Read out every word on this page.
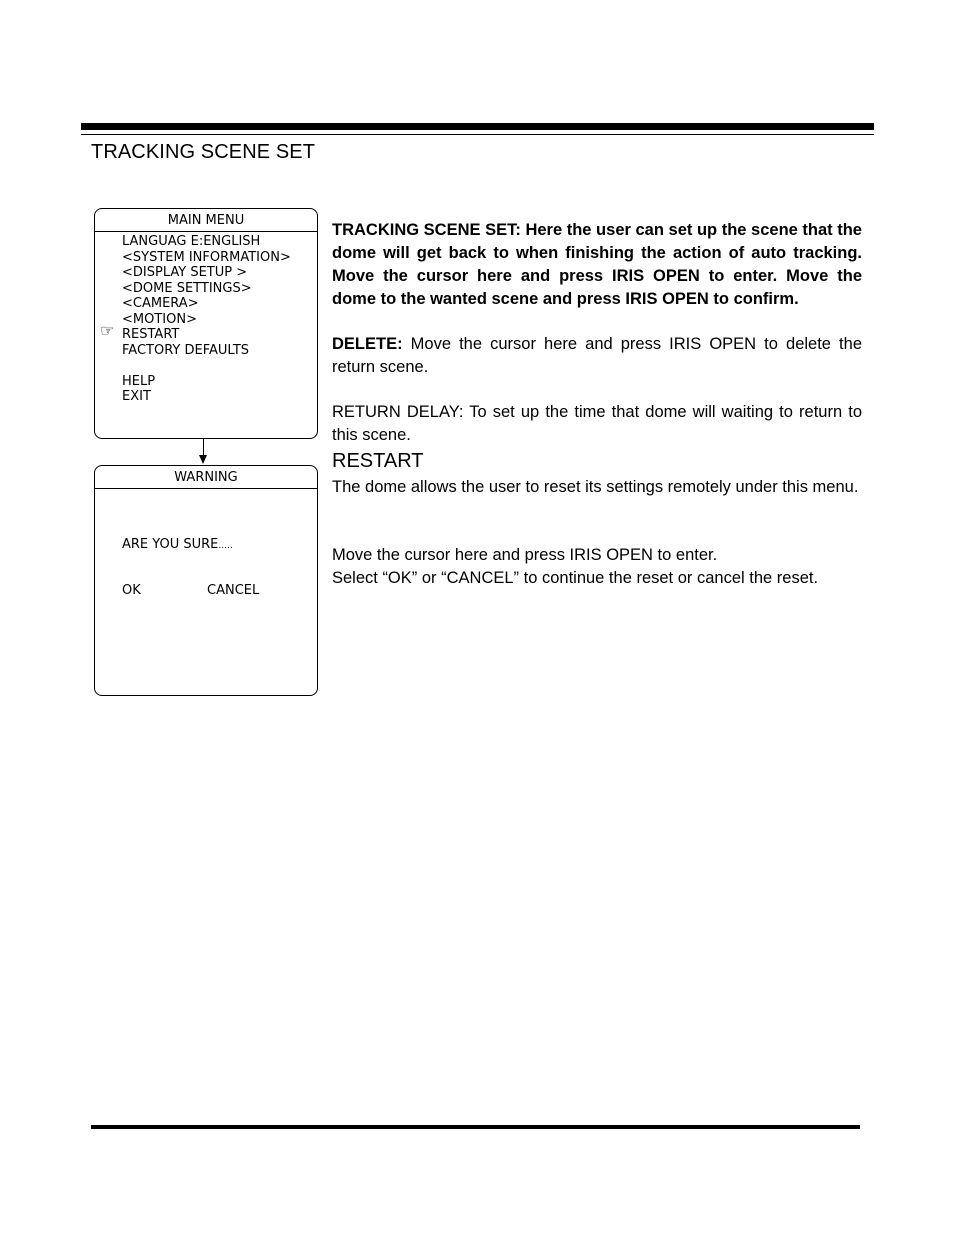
TRACKING SCENE SET
MAIN MENU
☞
LANGUAG E:ENGLISH
<SYSTEM INFORMATION>
<DISPLAY SETUP >
<DOME SETTINGS>
<CAMERA>
<MOTION>
RESTART
FACTORY DEFAULTS
HELP
EXIT
WARNING
ARE YOU SURE.....
OK	CANCEL

TRACKING SCENE SET: Here the user can set up the scene that the dome will get back to when finishing the action of auto tracking. Move the cursor here and press IRIS OPEN to enter. Move the dome to the wanted scene and press IRIS OPEN to confirm.

DELETE: Move the cursor here and press IRIS OPEN to delete the return scene.

RETURN DELAY: To set up the time that dome will waiting to return to this scene.

RESTART

The dome allows the user to reset its settings remotely under this menu.

Move the cursor here and press IRIS OPEN to enter.

Select “OK” or “CANCEL” to continue the reset or cancel the reset.
